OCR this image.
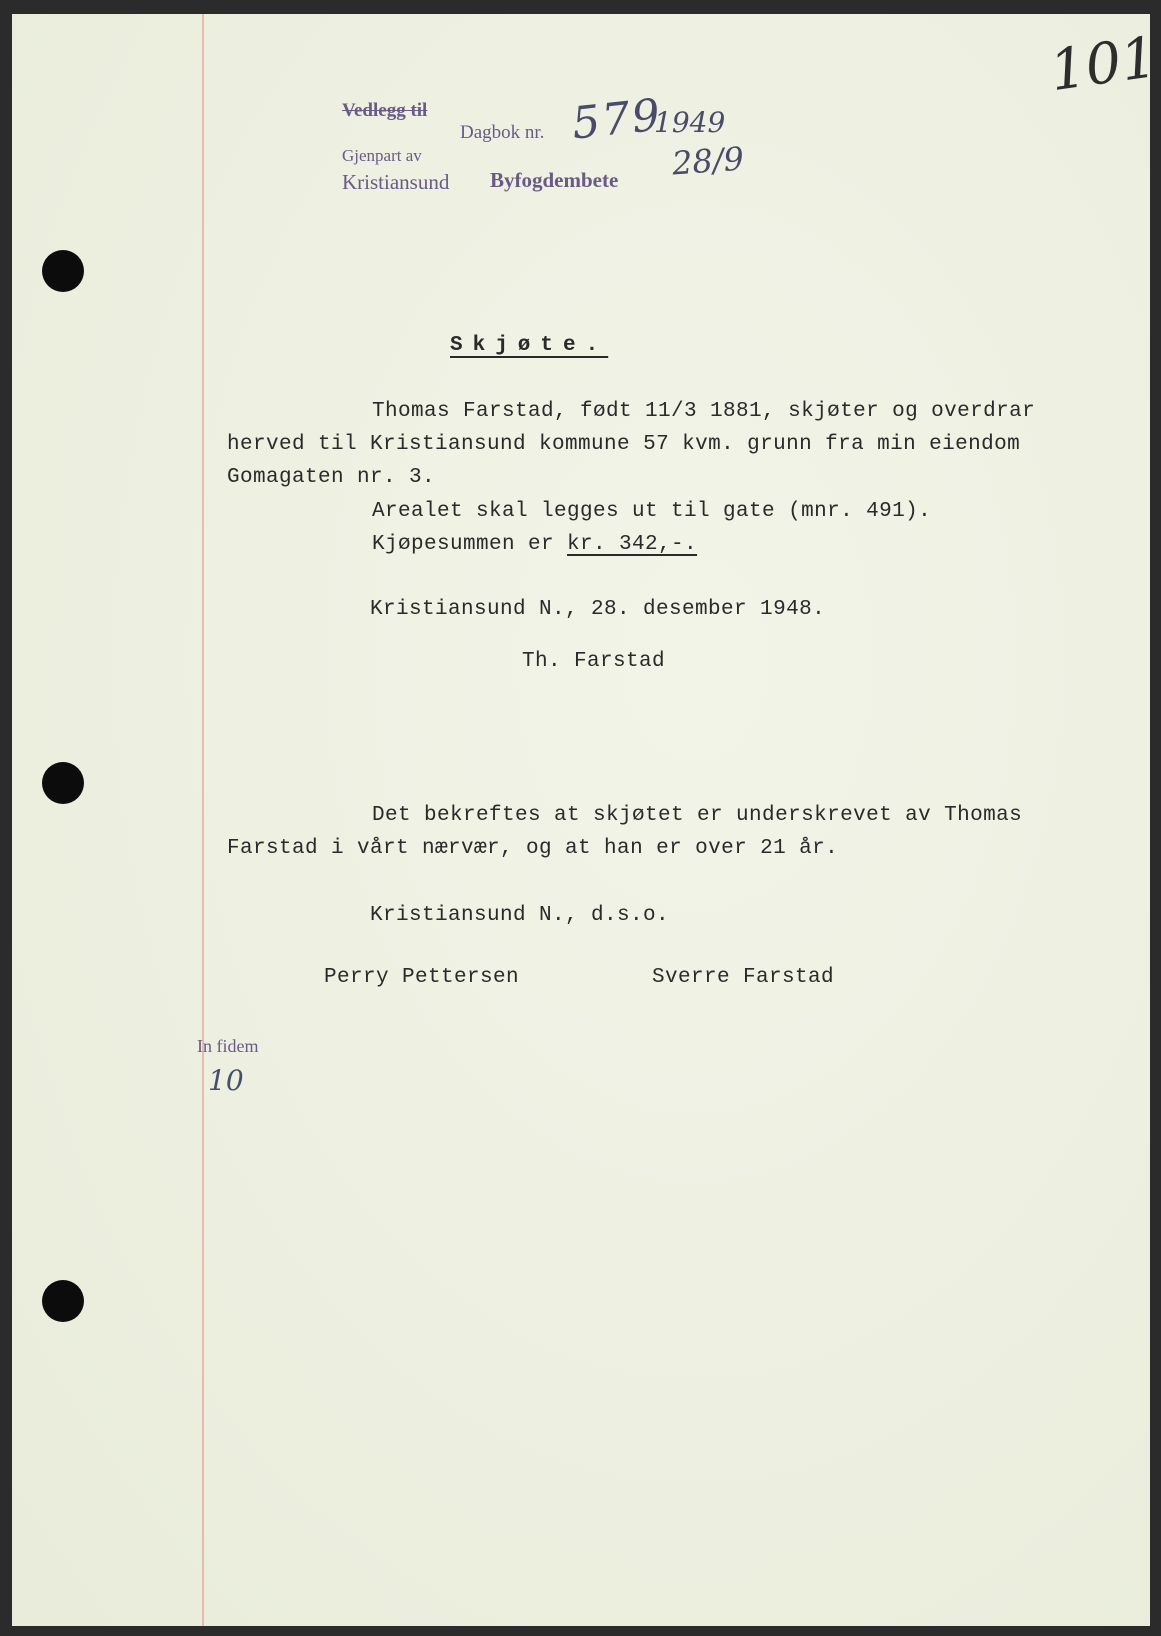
Vedlegg til
Dagbok nr.
Gjenpart av
Kristiansund Byfogdembete
579
1949
28/9
101
Skjøte.
Thomas Farstad, født 11/3 1881, skjøter og overdrar
herved til Kristiansund kommune 57 kvm. grunn fra min eiendom
Gomagaten nr. 3.
Arealet skal legges ut til gate (mnr. 491).
Kjøpesummen er kr. 342,-.
Kristiansund N., 28. desember 1948.
Th. Farstad
Det bekreftes at skjøtet er underskrevet av Thomas
Farstad i vårt nærvær, og at han er over 21 år.
Kristiansund N., d.s.o.
Perry Pettersen	Sverre Farstad
In fidem
10
